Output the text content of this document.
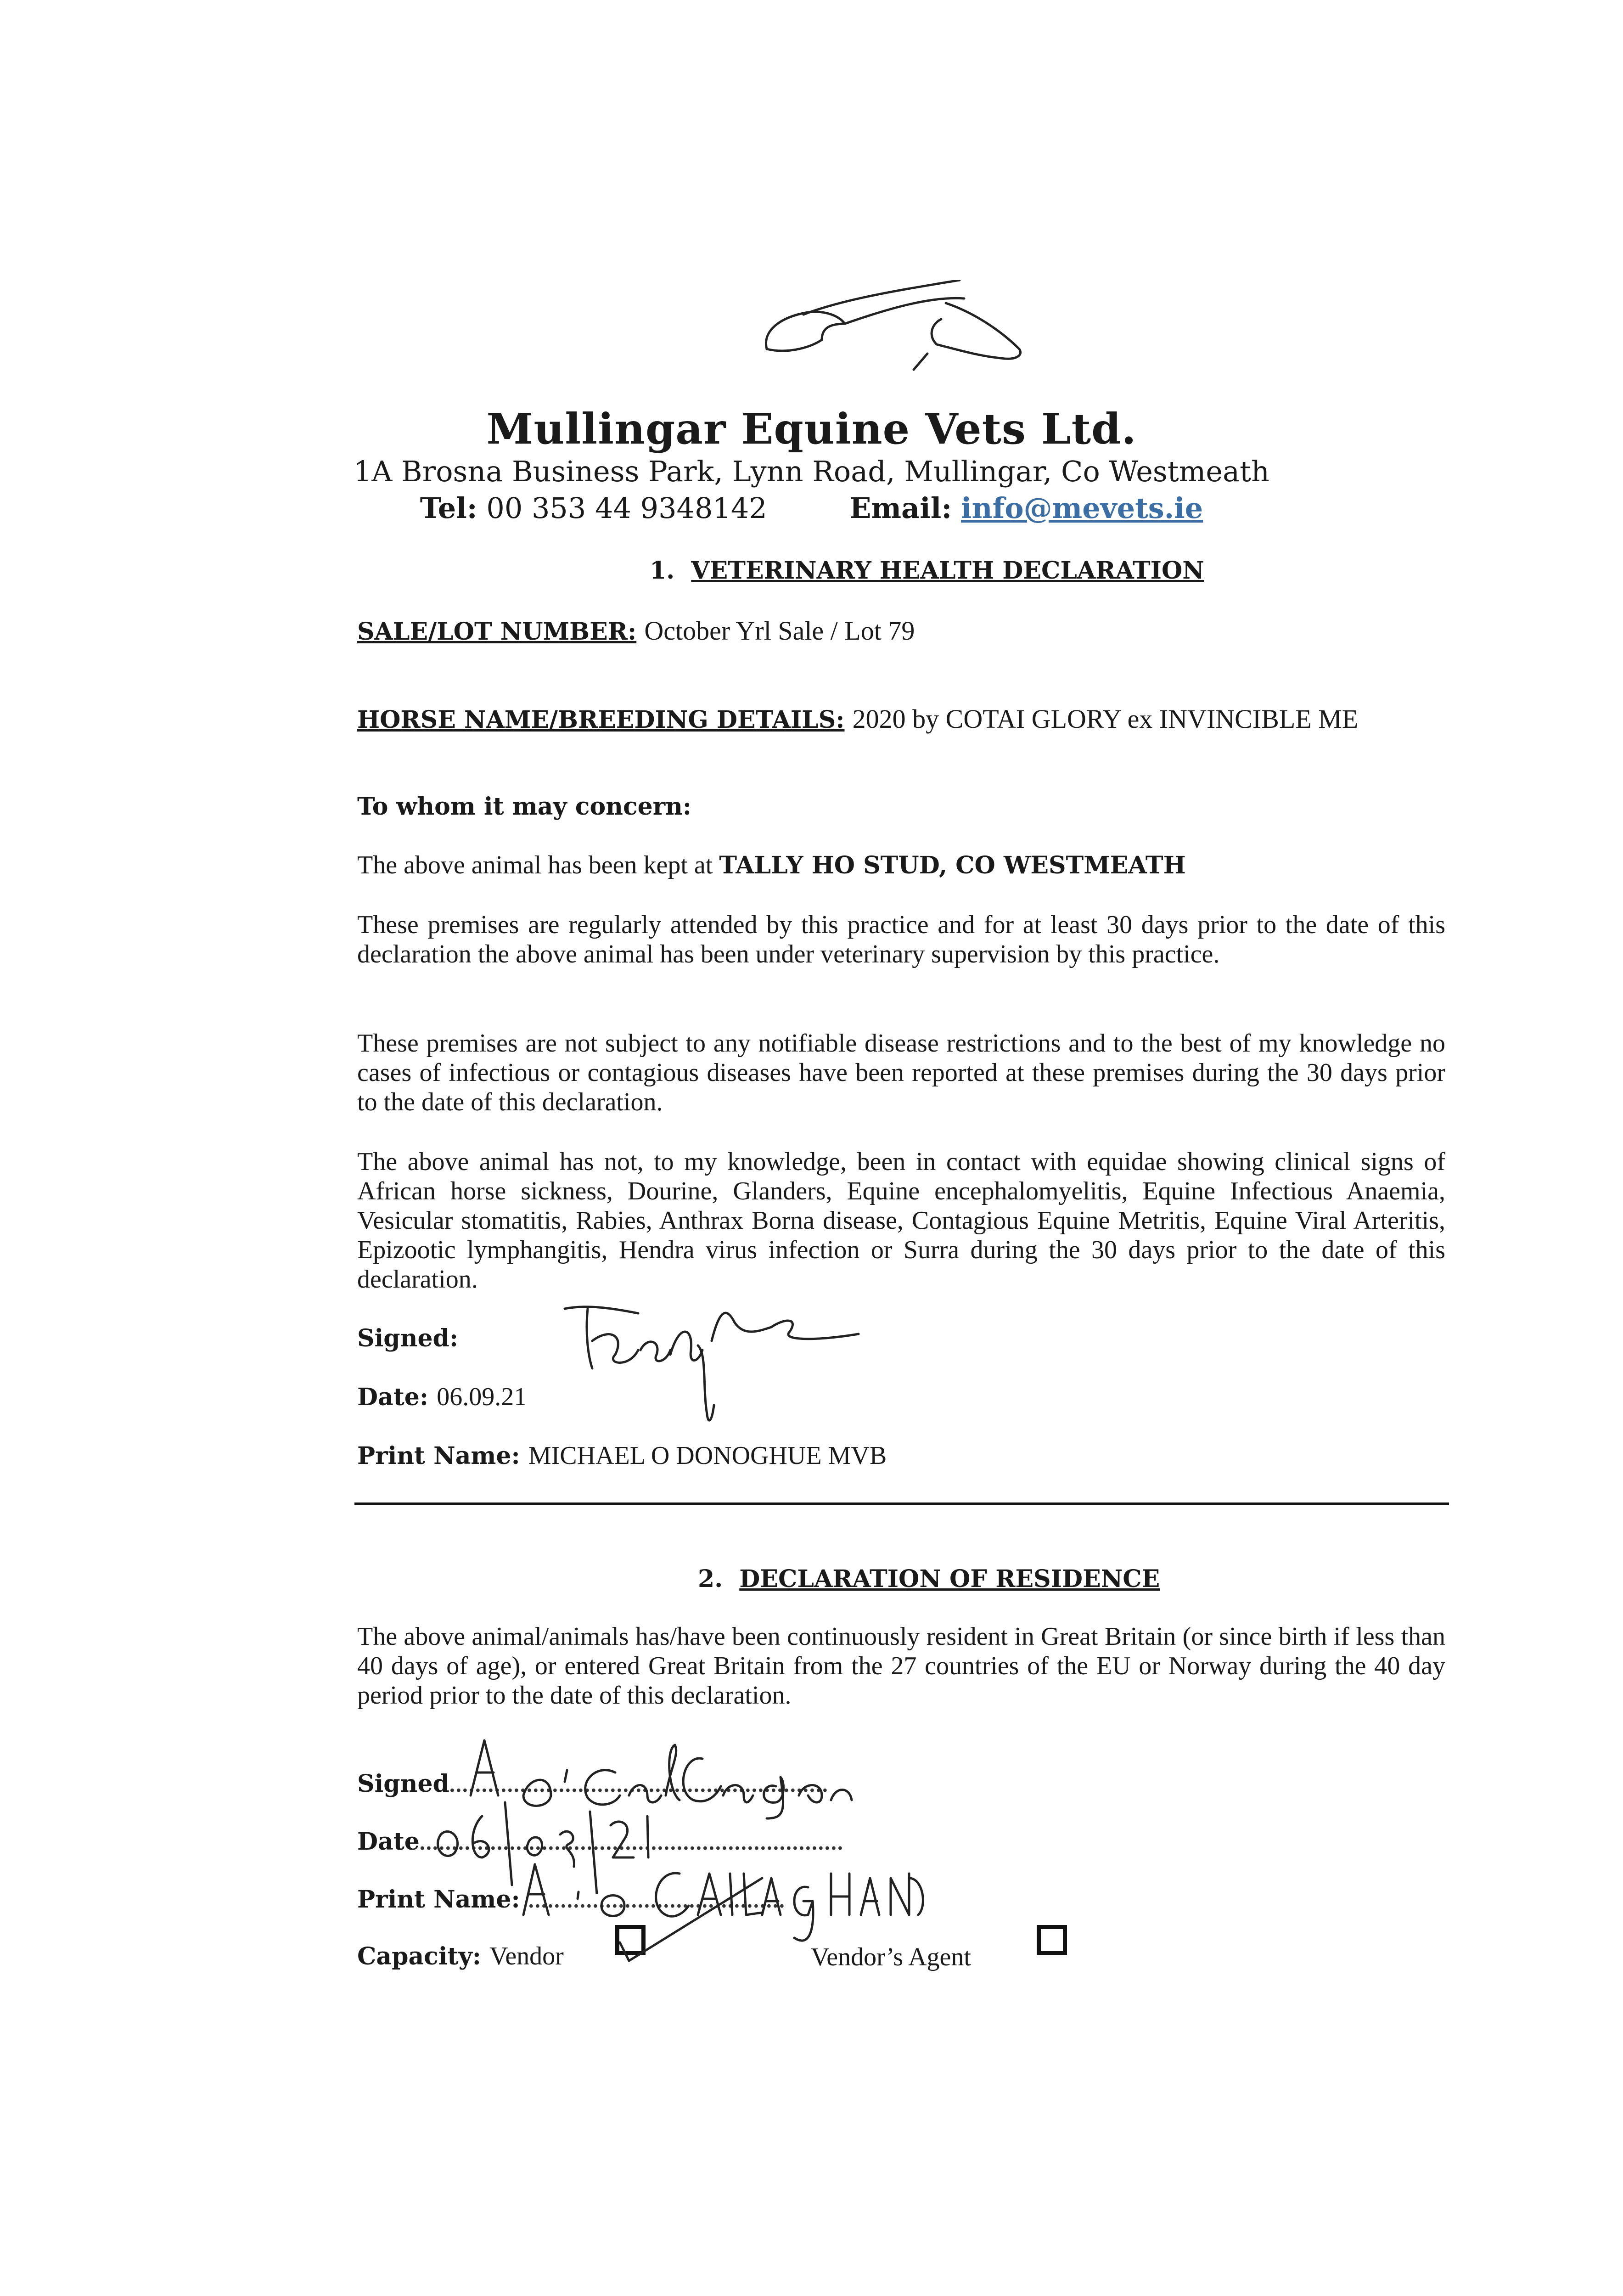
Mullingar Equine Vets Ltd.
1A Brosna Business Park, Lynn Road, Mullingar, Co Westmeath
Tel: 00 353 44 9348142	Email: info@mevets.ie
1. VETERINARY HEALTH DECLARATION
SALE/LOT NUMBER: October Yrl Sale / Lot 79
HORSE NAME/BREEDING DETAILS: 2020 by COTAI GLORY ex INVINCIBLE ME
To whom it may concern:
The above animal has been kept at TALLY HO STUD, CO WESTMEATH
These premises are regularly attended by this practice and for at least 30 days prior to the date of this declaration the above animal has been under veterinary supervision by this practice.
These premises are not subject to any notifiable disease restrictions and to the best of my knowledge no cases of infectious or contagious diseases have been reported at these premises during the 30 days prior to the date of this declaration.
The above animal has not, to my knowledge, been in contact with equidae showing clinical signs of African horse sickness, Dourine, Glanders, Equine encephalomyelitis, Equine Infectious Anaemia, Vesicular stomatitis, Rabies, Anthrax Borna disease, Contagious Equine Metritis, Equine Viral Arteritis, Epizootic lymphangitis, Hendra virus infection or Surra during the 30 days prior to the date of this declaration.
Signed:
Date: 06.09.21
Print Name: MICHAEL O DONOGHUE MVB
2. DECLARATION OF RESIDENCE
The above animal/animals has/have been continuously resident in Great Britain (or since birth if less than 40 days of age), or entered Great Britain from the 27 countries of the EU or Norway during the 40 day period prior to the date of this declaration.
Signed...........................................................
Date..................................................................
Print Name: ........................................
Capacity: Vendor	Vendor’s Agent
